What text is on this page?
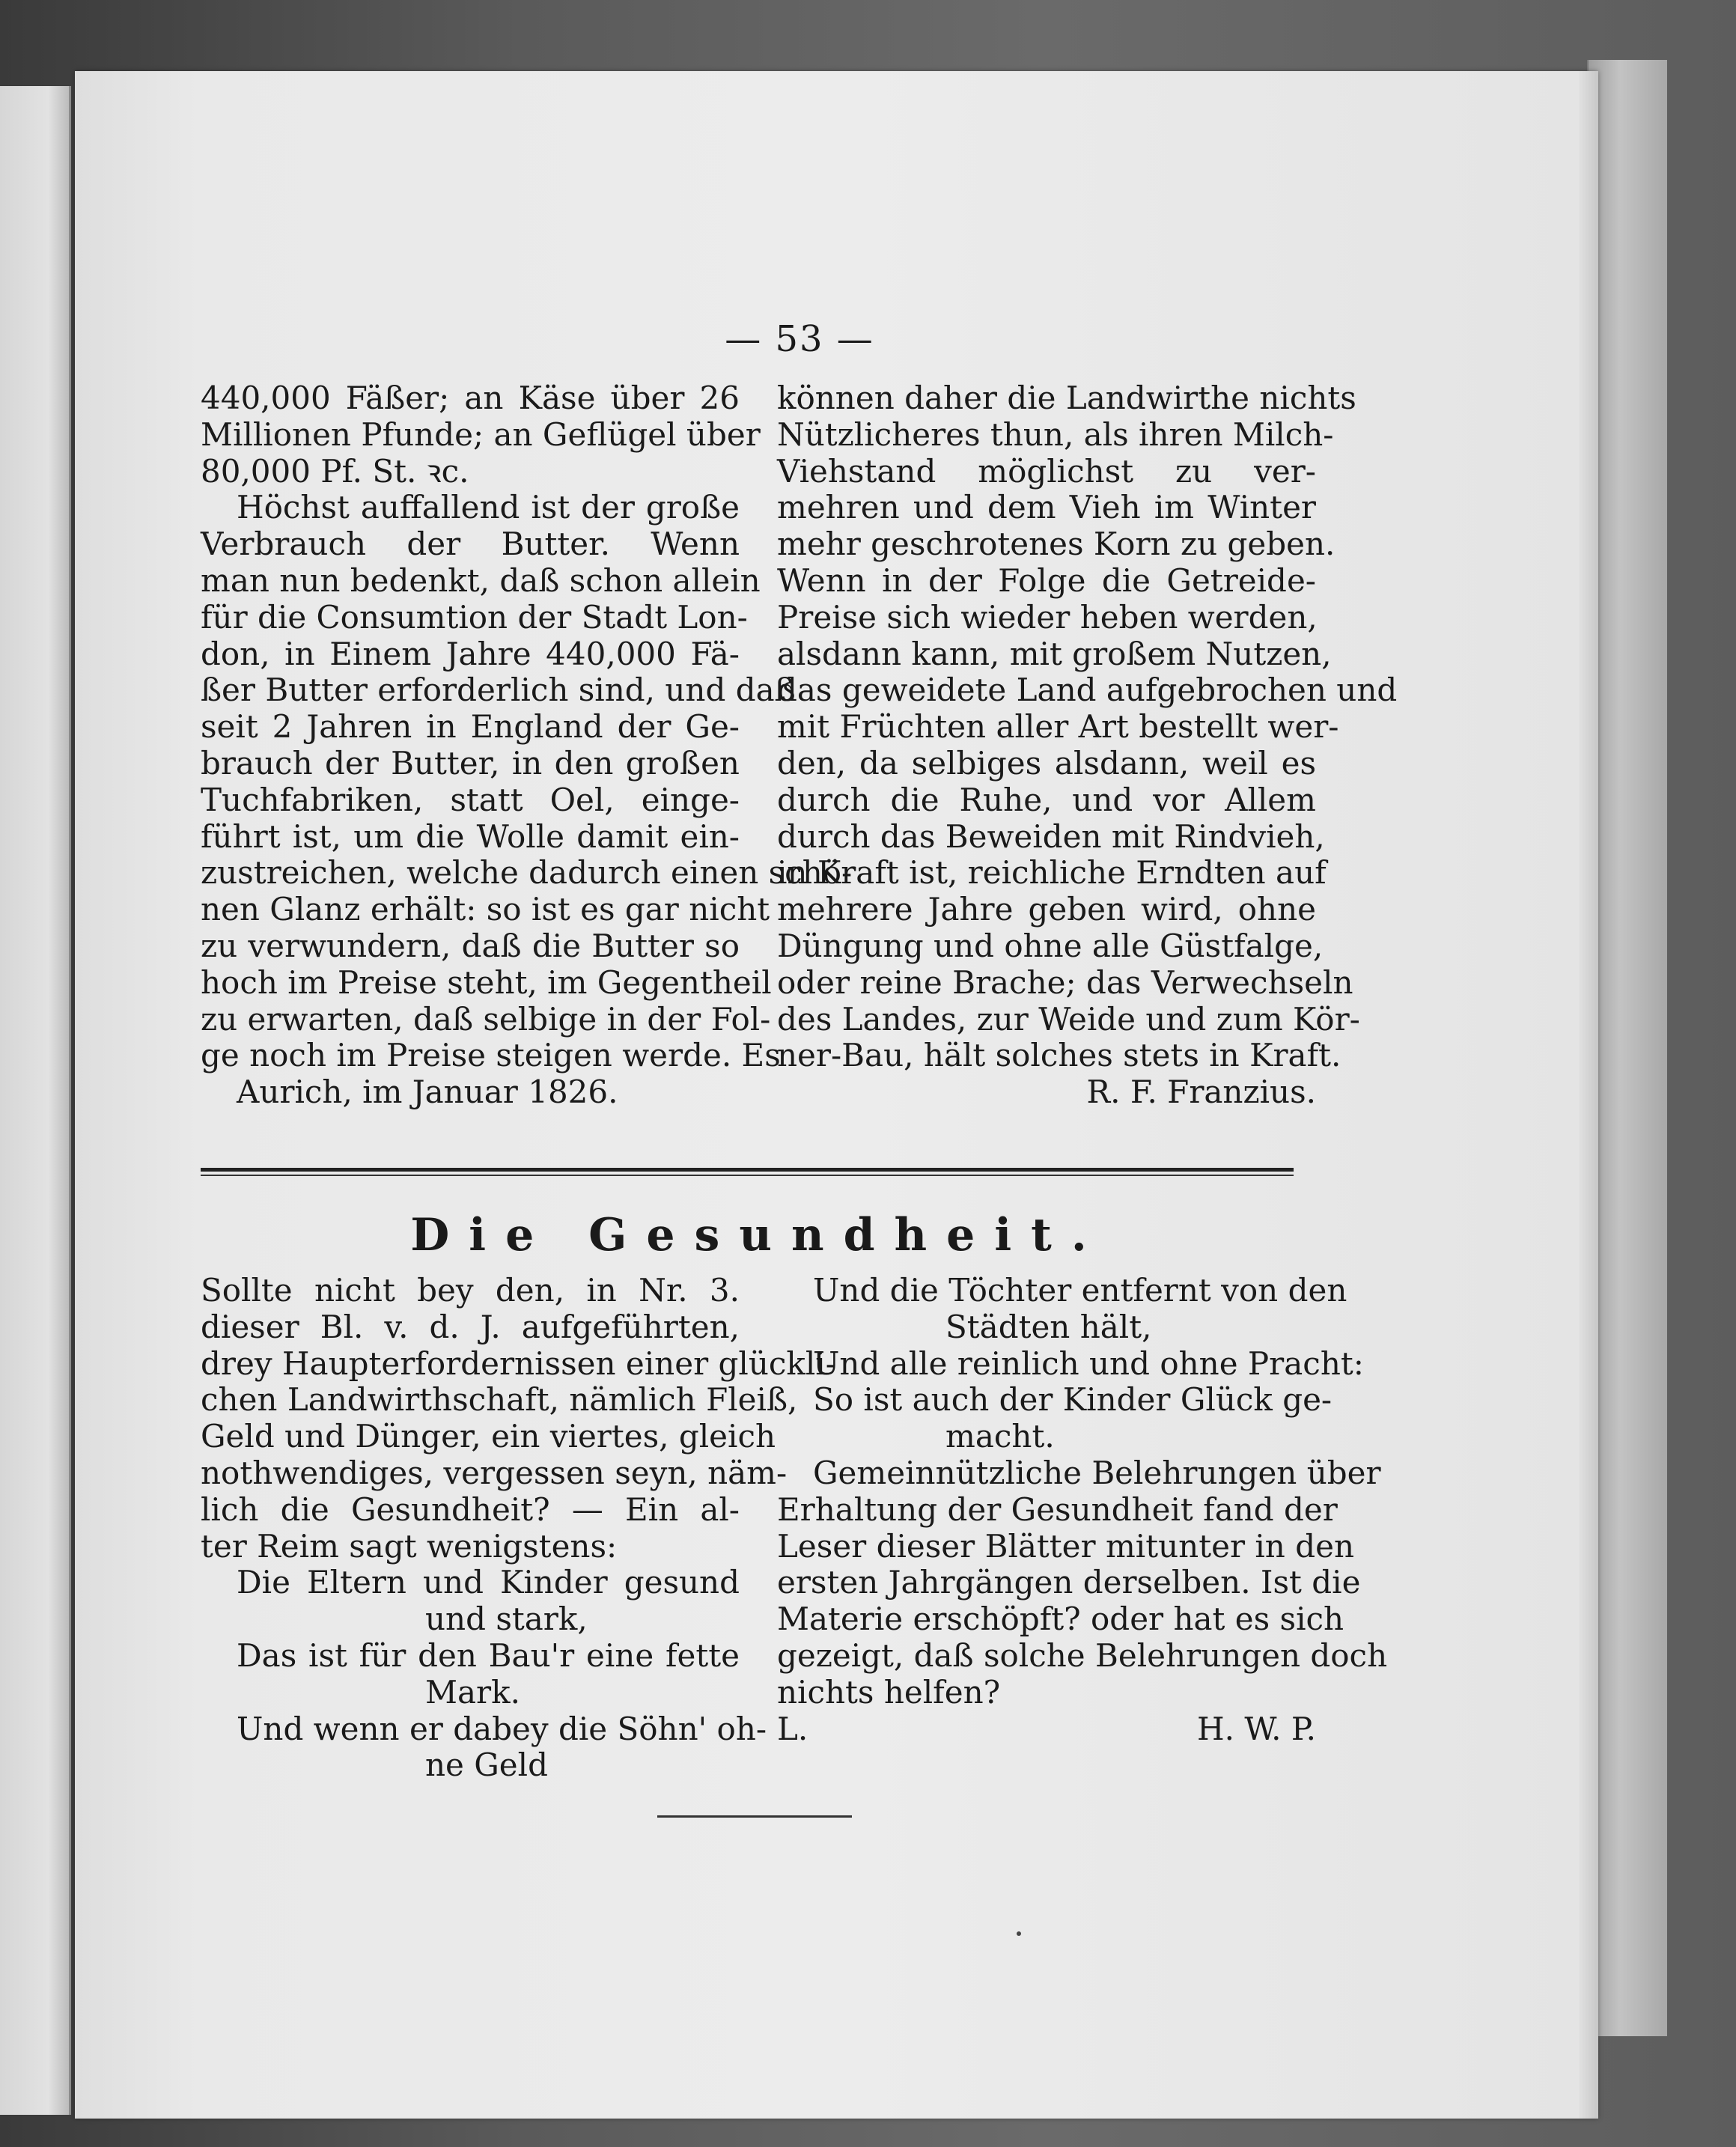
— 53 —
440,000 Fäßer; an Käse über 26
Millionen Pfunde; an Geflügel über
80,000 Pf. St. ꝛc.
Höchst auffallend ist der große
Verbrauch der Butter. Wenn
man nun bedenkt, daß schon allein
für die Consumtion der Stadt Lon-
don, in Einem Jahre 440,000 Fä-
ßer Butter erforderlich sind, und daß
seit 2 Jahren in England der Ge-
brauch der Butter, in den großen
Tuchfabriken, statt Oel, einge-
führt ist, um die Wolle damit ein-
zustreichen, welche dadurch einen schö-
nen Glanz erhält: so ist es gar nicht
zu verwundern, daß die Butter so
hoch im Preise steht, im Gegentheil
zu erwarten, daß selbige in der Fol-
ge noch im Preise steigen werde. Es
Aurich, im Januar 1826.
können daher die Landwirthe nichts
Nützlicheres thun, als ihren Milch-
Viehstand möglichst zu ver-
mehren und dem Vieh im Winter
mehr geschrotenes Korn zu geben.
Wenn in der Folge die Getreide-
Preise sich wieder heben werden,
alsdann kann, mit großem Nutzen,
das geweidete Land aufgebrochen und
mit Früchten aller Art bestellt wer-
den, da selbiges alsdann, weil es
durch die Ruhe, und vor Allem
durch das Beweiden mit Rindvieh,
in Kraft ist, reichliche Erndten auf
mehrere Jahre geben wird, ohne
Düngung und ohne alle Güstfalge,
oder reine Brache; das Verwechseln
des Landes, zur Weide und zum Kör-
ner-Bau, hält solches stets in Kraft.
R. F. Franzius.
Die Gesundheit.
Sollte nicht bey den, in Nr. 3.
dieser Bl. v. d. J. aufgeführten,
drey Haupterfordernissen einer glückli-
chen Landwirthschaft, nämlich Fleiß,
Geld und Dünger, ein viertes, gleich
nothwendiges, vergessen seyn, näm-
lich die Gesundheit? — Ein al-
ter Reim sagt wenigstens:
Die Eltern und Kinder gesund
und stark,
Das ist für den Bau'r eine fette
Mark.
Und wenn er dabey die Söhn' oh-
ne Geld
Und die Töchter entfernt von den
Städten hält,
Und alle reinlich und ohne Pracht:
So ist auch der Kinder Glück ge-
macht.
Gemeinnützliche Belehrungen über
Erhaltung der Gesundheit fand der
Leser dieser Blätter mitunter in den
ersten Jahrgängen derselben. Ist die
Materie erschöpft? oder hat es sich
gezeigt, daß solche Belehrungen doch
nichts helfen?
L.	H. W. P.
